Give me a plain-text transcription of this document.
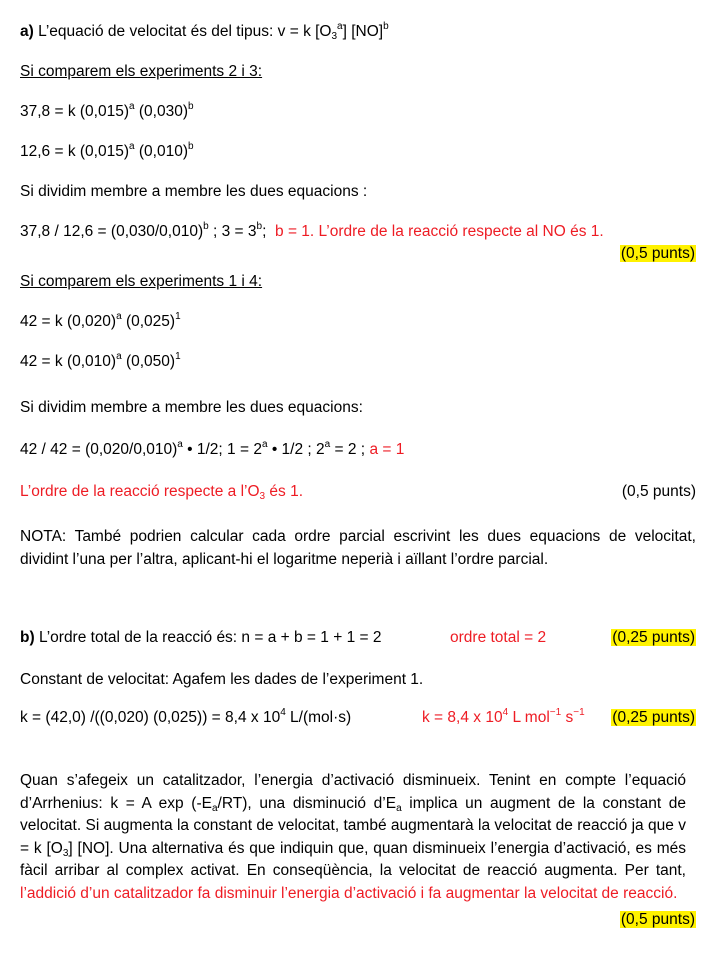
a) L’equació de velocitat és del tipus: v = k $[O_3^a]$ [NO]$^b$
Si comparem els experiments 2 i 3:
37,8 = k $(0,015)^a$ $(0,030)^b$
12,6 = k $(0,015)^a$ $(0,010)^b$
Si dividim membre a membre les dues equacions :
$37,8 / 12,6 = (0,030/0,010)^b$ ; $3 = 3^b$; b = 1. L’ordre de la reacció respecte al NO és 1.
(0,5 punts)
Si comparem els experiments 1 i 4:
42 = k $(0,020)^a$ $(0,025)^1$
42 = k $(0,010)^a$ $(0,050)^1$
Si dividim membre a membre les dues equacions:
$42 / 42 = (0,020/0,010)^a$ • 1/2; $1 = 2^a$ • 1/2 ; $2^a = 2$ ; a = 1
L’ordre de la reacció respecte a $l’O_3$ és 1.	(0,5 punts)
NOTA: També podrien calcular cada ordre parcial escrivint les dues equacions de velocitat, dividint l’una per l’altra, aplicant-hi el logaritme neperià i aïllant l’ordre parcial.
b) L’ordre total de la reacció és: n = a + b = 1 + 1 = 2	ordre total = 2	(0,25 punts)
Constant de velocitat: Agafem les dades de l’experiment 1.
k = (42,0) /((0,020) (0,025)) = 8,4 x $10^4$ L/(mol·s)	k = 8,4 x $10^4$ L mol$^{-1}$ $s^{-1}$ (0,25 punts)
Quan s’afegeix un catalitzador, l’energia d’activació disminueix. Tenint en compte l’equació d’Arrhenius: k = A $\exp (-E_a/RT)$, una disminució $d’E_a$ implica un augment de la constant de velocitat. Si augmenta la constant de velocitat, també augmentarà la velocitat de reacció ja que v = k $[O_3]$ [NO]. Una alternativa és que indiquin que, quan disminueix l’energia d’activació, es més fàcil arribar al complex activat. En conseqüència, la velocitat de reacció augmenta. Per tant, l’addició d’un catalitzador fa disminuir l’energia d’activació i fa augmentar la velocitat de reacció.
(0,5 punts)
